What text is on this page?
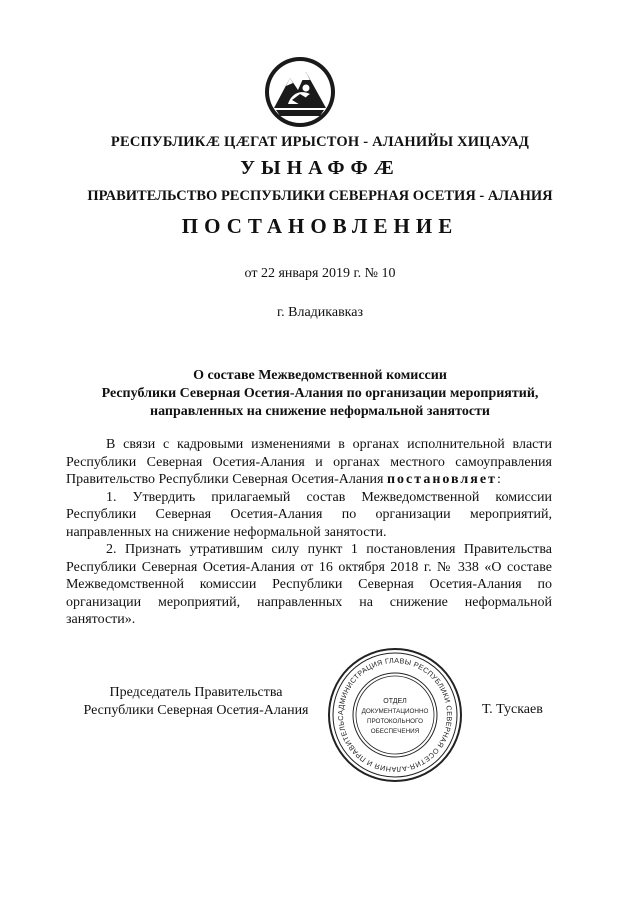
РЕСПУБЛИКÆ ЦÆГАТ ИРЫСТОН - АЛАНИЙЫ ХИЦАУАД
УЫНАФФÆ
ПРАВИТЕЛЬСТВО РЕСПУБЛИКИ СЕВЕРНАЯ ОСЕТИЯ - АЛАНИЯ
ПОСТАНОВЛЕНИЕ
от 22 января 2019 г. № 10
г. Владикавказ
О составе Межведомственной комиссии
Республики Северная Осетия-Алания по организации мероприятий,
направленных на снижение неформальной занятости

В связи с кадровыми изменениями в органах исполнительной власти Республики Северная Осетия-Алания и органах местного самоуправления Правительство Республики Северная Осетия-Алания постановляет:

1. Утвердить прилагаемый состав Межведомственной комиссии Республики Северная Осетия-Алания по организации мероприятий, направленных на снижение неформальной занятости.

2. Признать утратившим силу пункт 1 постановления Правительства Республики Северная Осетия-Алания от 16 октября 2018 г. № 338 «О составе Межведомственной комиссии Республики Северная Осетия-Алания по организации мероприятий, направленных на снижение неформальной занятости».

Председатель Правительства
Республики Северная Осетия-Алания	АДМИНИСТРАЦИЯ ГЛАВЫ РЕСПУБЛИКИ СЕВЕРНАЯ ОСЕТИЯ-АЛАНИЯ И ПРАВИТЕЛЬС
ОТДЕЛ
ДОКУМЕНТАЦИОННО
ПРОТОКОЛЬНОГО
ОБЕСПЕЧЕНИЯ
Т. Тускаев
